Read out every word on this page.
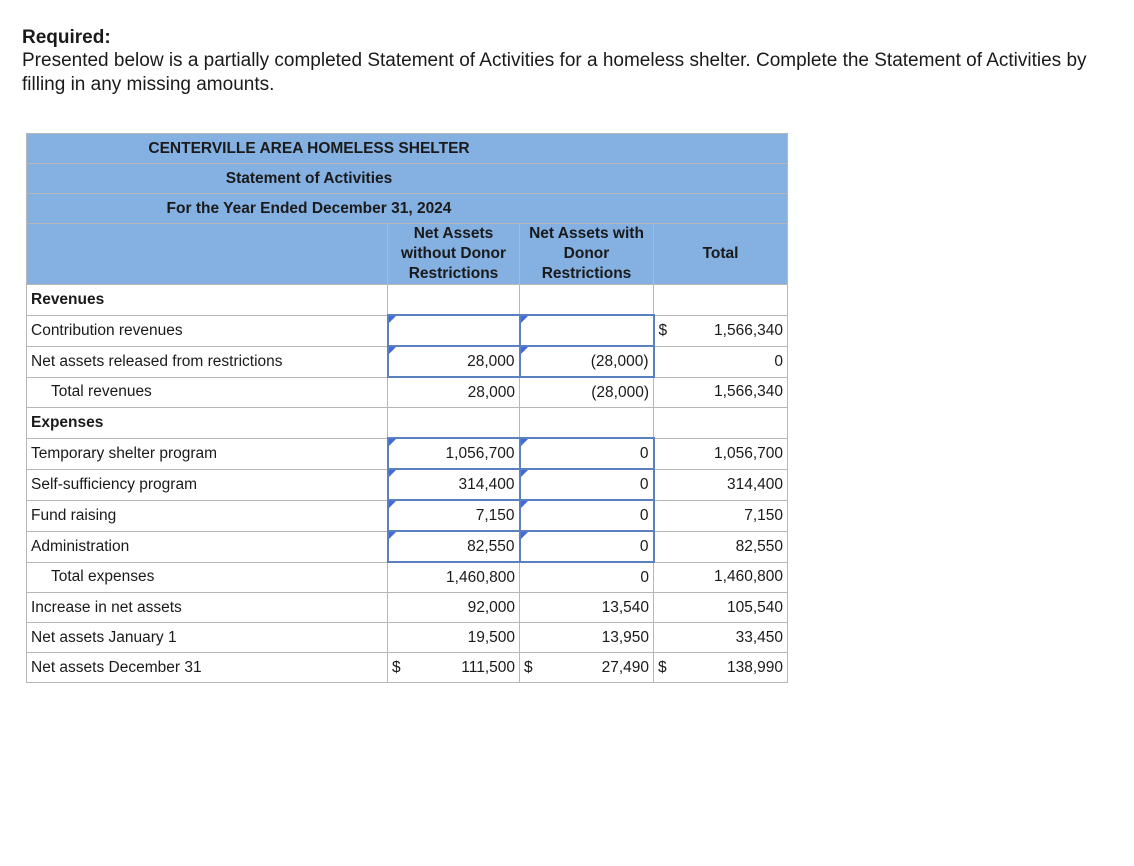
Required:
Presented below is a partially completed Statement of Activities for a homeless shelter. Complete the Statement of Activities by filling in any missing amounts.
CENTERVILLE AREA HOMELESS SHELTER			
Statement of Activities			
For the Year Ended December 31, 2024			
	Net Assets without Donor Restrictions	Net Assets with Donor Restrictions	Total
Revenues			
Contribution revenues			$ 1,566,340

Net assets released from restrictions	28,000	(28,000)	0
Total revenues	28,000	(28,000)	1,566,340
Expenses			
Temporary shelter program	1,056,700	0	1,056,700
Self-sufficiency program	314,400	0	314,400
Fund raising	7,150	0	7,150
Administration	82,550	0	82,550
Total expenses	1,460,800	0	1,460,800
Increase in net assets	92,000	13,540	105,540
Net assets January 1	19,500	13,950	33,450
Net assets December 31	$ 111,500	$ 27,490	$ 138,990
